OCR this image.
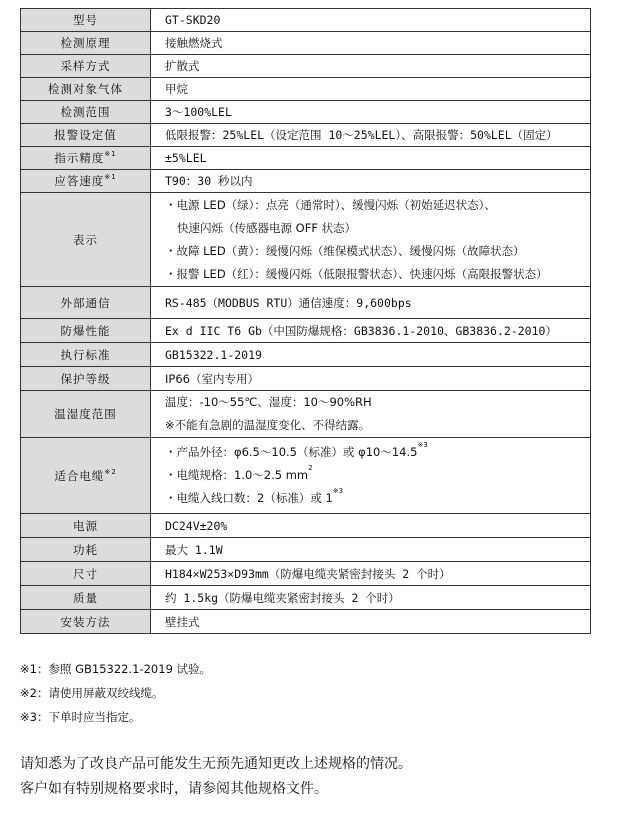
型号	GT-SKD20

检测原理	接触燃烧式

采样方式	扩散式

检测对象气体	甲烷

检测范围	3～100%LEL

报警设定值	低限报警：25%LEL（设定范围 10～25%LEL）、高限报警：50%LEL（固定）

指示精度$^{※1}$	±5%LEL

应答速度$^{※1}$	T90：30 秒以内

表示	・电源 LED（绿）：点亮（通常时）、缓慢闪烁（初始延迟状态）、
快速闪烁（传感器电源 OFF 状态）
・故障 LED（黄）：缓慢闪烁（维保模式状态）、缓慢闪烁（故障状态）
・报警 LED（红）：缓慢闪烁（低限报警状态）、快速闪烁（高限报警状态）

外部通信	RS-485（MODBUS RTU）通信速度：9,600bps

防爆性能	Ex d IIC T6 Gb（中国防爆规格：GB3836.1-2010、GB3836.2-2010）

执行标准	GB15322.1-2019

保护等级	IP66（室内专用）

温湿度范围	温度：-10～55℃、湿度：10～90%RH
※不能有急剧的温湿度变化、不得结露。

适合电缆$^{※2}$	・产品外径：φ6.5～10.5（标准）或 φ10～14.5$^{※3}$
・电缆规格：1.0～2.5 $mm^2$
・电缆入线口数：2（标准）或 1$^{※3}$

电源	DC24V±20%

功耗	最大 1.1W

尺寸	H184×W253×D93mm（防爆电缆夹紧密封接头 2 个时）

质量	约 1.5kg（防爆电缆夹紧密封接头 2 个时）

安装方法	壁挂式
※1：参照 GB15322.1-2019 试验。
※2：请使用屏蔽双绞线缆。
※3：下单时应当指定。
请知悉为了改良产品可能发生无预先通知更改上述规格的情况。
客户如有特别规格要求时，请参阅其他规格文件。
